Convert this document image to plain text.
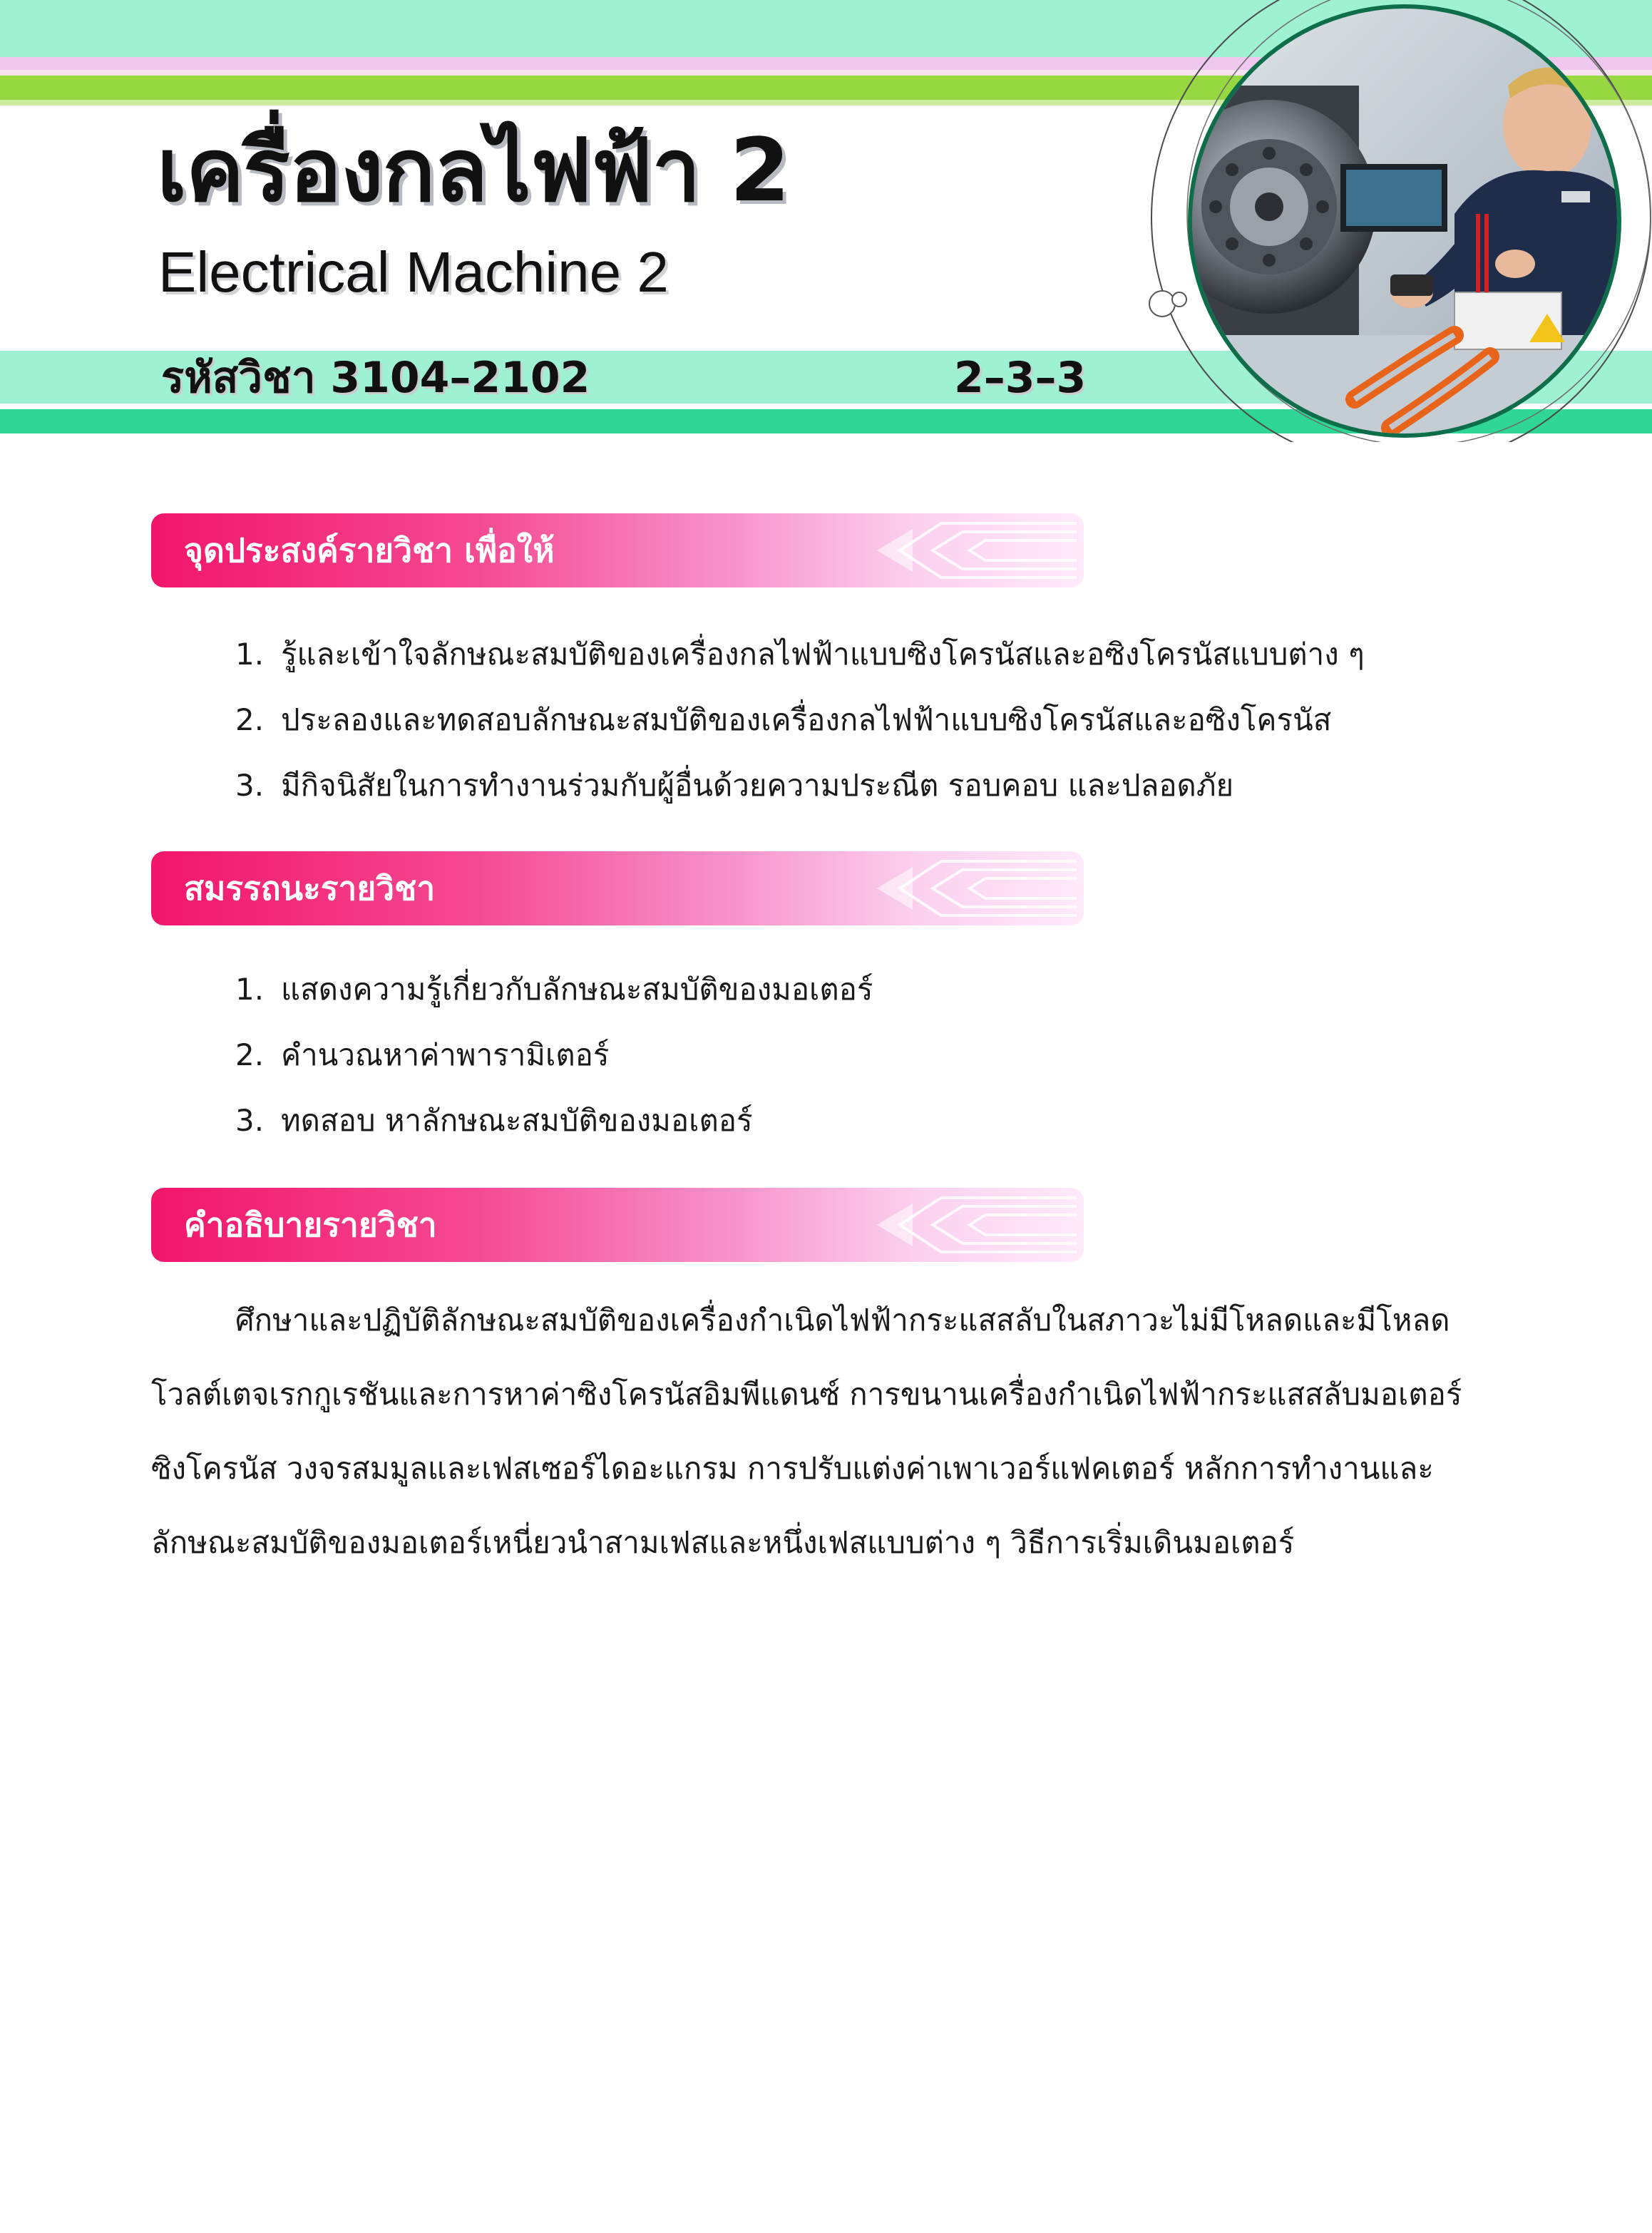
เครื่องกลไฟฟ้า 2
Electrical Machine 2
รหัสวิชา 3104–2102	2–3–3
จุดประสงค์รายวิชา เพื่อให้
1. รู้และเข้าใจลักษณะสมบัติของเครื่องกลไฟฟ้าแบบซิงโครนัสและอซิงโครนัสแบบต่าง ๆ
2. ประลองและทดสอบลักษณะสมบัติของเครื่องกลไฟฟ้าแบบซิงโครนัสและอซิงโครนัส
3. มีกิจนิสัยในการทำงานร่วมกับผู้อื่นด้วยความประณีต รอบคอบ และปลอดภัย
สมรรถนะรายวิชา
1. แสดงความรู้เกี่ยวกับลักษณะสมบัติของมอเตอร์
2. คำนวณหาค่าพารามิเตอร์
3. ทดสอบ หาลักษณะสมบัติของมอเตอร์
คำอธิบายรายวิชา
ศึกษาและปฏิบัติลักษณะสมบัติของเครื่องกำเนิดไฟฟ้ากระแสสลับในสภาวะไม่มีโหลดและมีโหลด
โวลต์เตจเรกกูเรชันและการหาค่าซิงโครนัสอิมพีแดนซ์ การขนานเครื่องกำเนิดไฟฟ้ากระแสสลับมอเตอร์
ซิงโครนัส วงจรสมมูลและเฟสเซอร์ไดอะแกรม การปรับแต่งค่าเพาเวอร์แฟคเตอร์ หลักการทำงานและ
ลักษณะสมบัติของมอเตอร์เหนี่ยวนำสามเฟสและหนึ่งเฟสแบบต่าง ๆ วิธีการเริ่มเดินมอเตอร์
